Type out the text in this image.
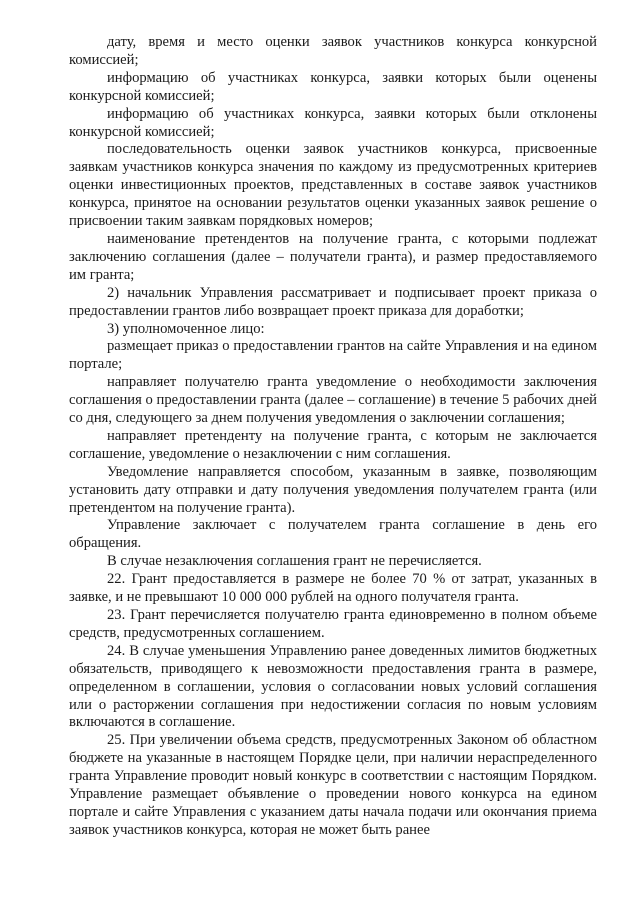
дату, время и место оценки заявок участников конкурса конкурсной комиссией;

информацию об участниках конкурса, заявки которых были оценены конкурсной комиссией;

информацию об участниках конкурса, заявки которых были отклонены конкурсной комиссией;

последовательность оценки заявок участников конкурса, присвоенные заявкам участников конкурса значения по каждому из предусмотренных критериев оценки инвестиционных проектов, представленных в составе заявок участников конкурса, принятое на основании результатов оценки указанных заявок решение о присвоении таким заявкам порядковых номеров;

наименование претендентов на получение гранта, с которыми подлежат заключению соглашения (далее – получатели гранта), и размер предоставляемого им гранта;

2) начальник Управления рассматривает и подписывает проект приказа о предоставлении грантов либо возвращает проект приказа для доработки;

3) уполномоченное лицо:

размещает приказ о предоставлении грантов на сайте Управления и на едином портале;

направляет получателю гранта уведомление о необходимости заключения соглашения о предоставлении гранта (далее – соглашение) в течение 5 рабочих дней со дня, следующего за днем получения уведомления о заключении соглашения;

направляет претенденту на получение гранта, с которым не заключается соглашение, уведомление о незаключении с ним соглашения.

Уведомление направляется способом, указанным в заявке, позволяющим установить дату отправки и дату получения уведомления получателем гранта (или претендентом на получение гранта).

Управление заключает с получателем гранта соглашение в день его обращения.

В случае незаключения соглашения грант не перечисляется.

22. Грант предоставляется в размере не более 70 % от затрат, указанных в заявке, и не превышают 10 000 000 рублей на одного получателя гранта.

23. Грант перечисляется получателю гранта единовременно в полном объеме средств, предусмотренных соглашением.

24. В случае уменьшения Управлению ранее доведенных лимитов бюджетных обязательств, приводящего к невозможности предоставления гранта в размере, определенном в соглашении, условия о согласовании новых условий соглашения или о расторжении соглашения при недостижении согласия по новым условиям включаются в соглашение.

25. При увеличении объема средств, предусмотренных Законом об областном бюджете на указанные в настоящем Порядке цели, при наличии нераспределенного гранта Управление проводит новый конкурс в соответствии с настоящим Порядком. Управление размещает объявление о проведении нового конкурса на едином портале и сайте Управления с указанием даты начала подачи или окончания приема заявок участников конкурса, которая не может быть ранее
